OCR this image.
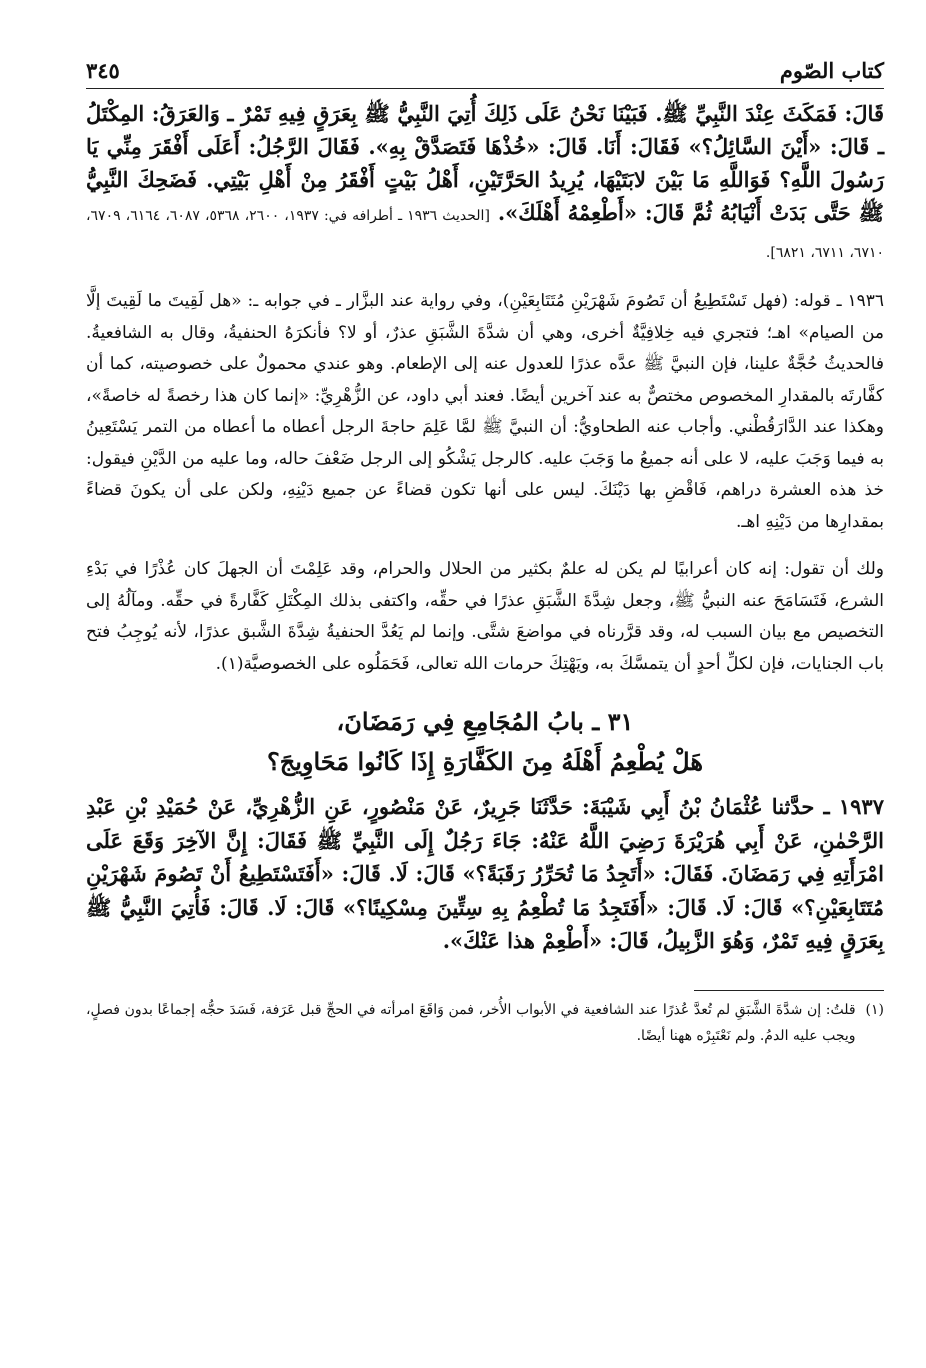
كتاب الصّوم
٣٤٥
قَالَ: فَمَكَثَ عِنْدَ النَّبِيِّ ﷺ. فَبَيْنَا نَحْنُ عَلَى ذَلِكَ أُتِيَ النَّبِيُّ ﷺ بِعَرَقٍ فِيهِ تَمْرٌ ـ وَالعَرَقُ: المِكْتَلُ ـ قَالَ: «أَيْنَ السَّائِلُ؟» فَقَالَ: أَنَا. قَالَ: «خُذْهَا فَتَصَدَّقْ بِهِ». فَقَالَ الرَّجُلُ: أَعَلَى أَفْقَرَ مِنِّي يَا رَسُولَ اللَّهِ؟ فَوَاللَّهِ مَا بَيْنَ لابَتَيْهَا، يُرِيدُ الحَرَّتَيْنِ، أَهْلُ بَيْتٍ أَفْقَرُ مِنْ أَهْلِ بَيْتِي. فَضَحِكَ النَّبِيُّ ﷺ حَتَّى بَدَتْ أَنْيَابُهُ ثُمَّ قَالَ: «أَطْعِمْهُ أَهْلَكَ». [الحديث ١٩٣٦ ـ أطرافه في: ١٩٣٧، ٢٦٠٠، ٥٣٦٨، ٦٠٨٧، ٦١٦٤، ٦٧٠٩، ٦٧١٠، ٦٧١١، ٦٨٢١].

١٩٣٦ ـ قوله: (فهل تَسْتَطِيعُ أن تَصُومَ شَهْرَيْنِ مُتَتَابِعَيْنِ)، وفي رواية عند البزَّار ـ في جوابه ـ: «هل لَقِيتَ ما لَقِيتَ إلَّا من الصيام» اهـ؛ فتجري فيه خِلافِيَّةٌ أخرى، وهي أن شدَّةَ الشَّبَقِ عذرٌ، أو لا؟ فأنكرَهُ الحنفيةُ، وقال به الشافعيةُ. فالحديثُ حُجَّةٌ علينا، فإن النبيَّ ﷺ عدَّه عذرًا للعدول عنه إلى الإطعام. وهو عندي محمولٌ على خصوصيته، كما أن كفَّارتَه بالمقدارِ المخصوص مختصٌّ به عند آخرين أيضًا. فعند أبي داود، عن الزُّهْرِيِّ: «إنما كان هذا رخصةً له خاصةً»، وهكذا عند الدَّارَقُطْني. وأجاب عنه الطحاويُّ: أن النبيَّ ﷺ لمَّا عَلِمَ حاجةَ الرجل أعطاه ما أعطاه من التمر يَسْتَعِينُ به فيما وَجَبَ عليه، لا على أنه جميعُ ما وَجَبَ عليه. كالرجل يَشْكُو إلى الرجل ضَعْفَ حاله، وما عليه من الدَّيْنِ فيقول: خذ هذه العشرة دراهم، فَاقْضِ بها دَيْنَكَ. ليس على أنها تكون قضاءً عن جميع دَيْنِهِ، ولكن على أن يكونَ قضاءً بمقدارِها من دَيْنِهِ اهـ.

ولك أن تقول: إنه كان أعرابيًا لم يكن له علمٌ بكثير من الحلال والحرام، وقد عَلِمْتَ أن الجهلَ كان عُذْرًا في بَدْءِ الشرع، فَتَسَامَحَ عنه النبيُّ ﷺ، وجعل شِدَّةَ الشَّبَقِ عذرًا في حقِّه، واكتفى بذلك المِكْتَلِ كَفَّارةً في حقِّه. ومآلُهُ إلى التخصيص مع بيان السبب له، وقد قرَّرناه في مواضعَ شتَّى. وإنما لم يَعُدَّ الحنفيةُ شِدَّةَ الشَّبق عذرًا، لأنه يُوجِبُ فتح باب الجنايات، فإن لكلِّ أحدٍ أن يتمسَّكَ به، ويَهْتِكَ حرمات الله تعالى، فَحَمَلُوه على الخصوصيَّة(١).

٣١ ـ بابُ المُجَامِعِ فِي رَمَضَانَ،
هَلْ يُطْعِمُ أَهْلَهُ مِنَ الكَفَّارَةِ إِذَا كَانُوا مَحَاوِيجَ؟
١٩٣٧ ـ حدَّثنا عُثْمَانُ بْنُ أَبِي شَيْبَةَ: حَدَّثَنَا جَرِيرٌ، عَنْ مَنْصُورٍ، عَنِ الزُّهْرِيِّ، عَنْ حُمَيْدِ بْنِ عَبْدِ الرَّحْمٰنِ، عَنْ أَبِي هُرَيْرَةَ رَضِيَ اللَّهُ عَنْهُ: جَاءَ رَجُلٌ إِلَى النَّبِيِّ ﷺ فَقَالَ: إِنَّ الآخِرَ وَقَعَ عَلَى امْرَأَتِهِ فِي رَمَضَانَ. فَقَالَ: «أَتَجِدُ مَا تُحَرِّرُ رَقَبَةً؟» قَالَ: لَا. قَالَ: «أَفَتَسْتَطِيعُ أَنْ تَصُومَ شَهْرَيْنِ مُتَتَابِعَيْنِ؟» قَالَ: لَا. قَالَ: «أَفَتَجِدُ مَا تُطْعِمُ بِهِ سِتِّينَ مِسْكِينًا؟» قَالَ: لَا. قَالَ: فَأُتِيَ النَّبِيُّ ﷺ بِعَرَقٍ فِيهِ تَمْرٌ، وَهُوَ الزَّبِيلُ، قَالَ: «أَطْعِمْ هذا عَنْكَ».
(١)
قلتُ: إن شدَّةَ الشَّبَقِ لم تُعدَّ عُذرًا عند الشافعية في الأبواب الأُخر، فمن وَاقَعَ امرأته في الحجِّ قبل عَرَفة، فَسَدَ حجُّه إجماعًا بدون فصلٍ، ويجب عليه الدمُ. ولم نَعْتَبِرْه ههنا أيضًا.
